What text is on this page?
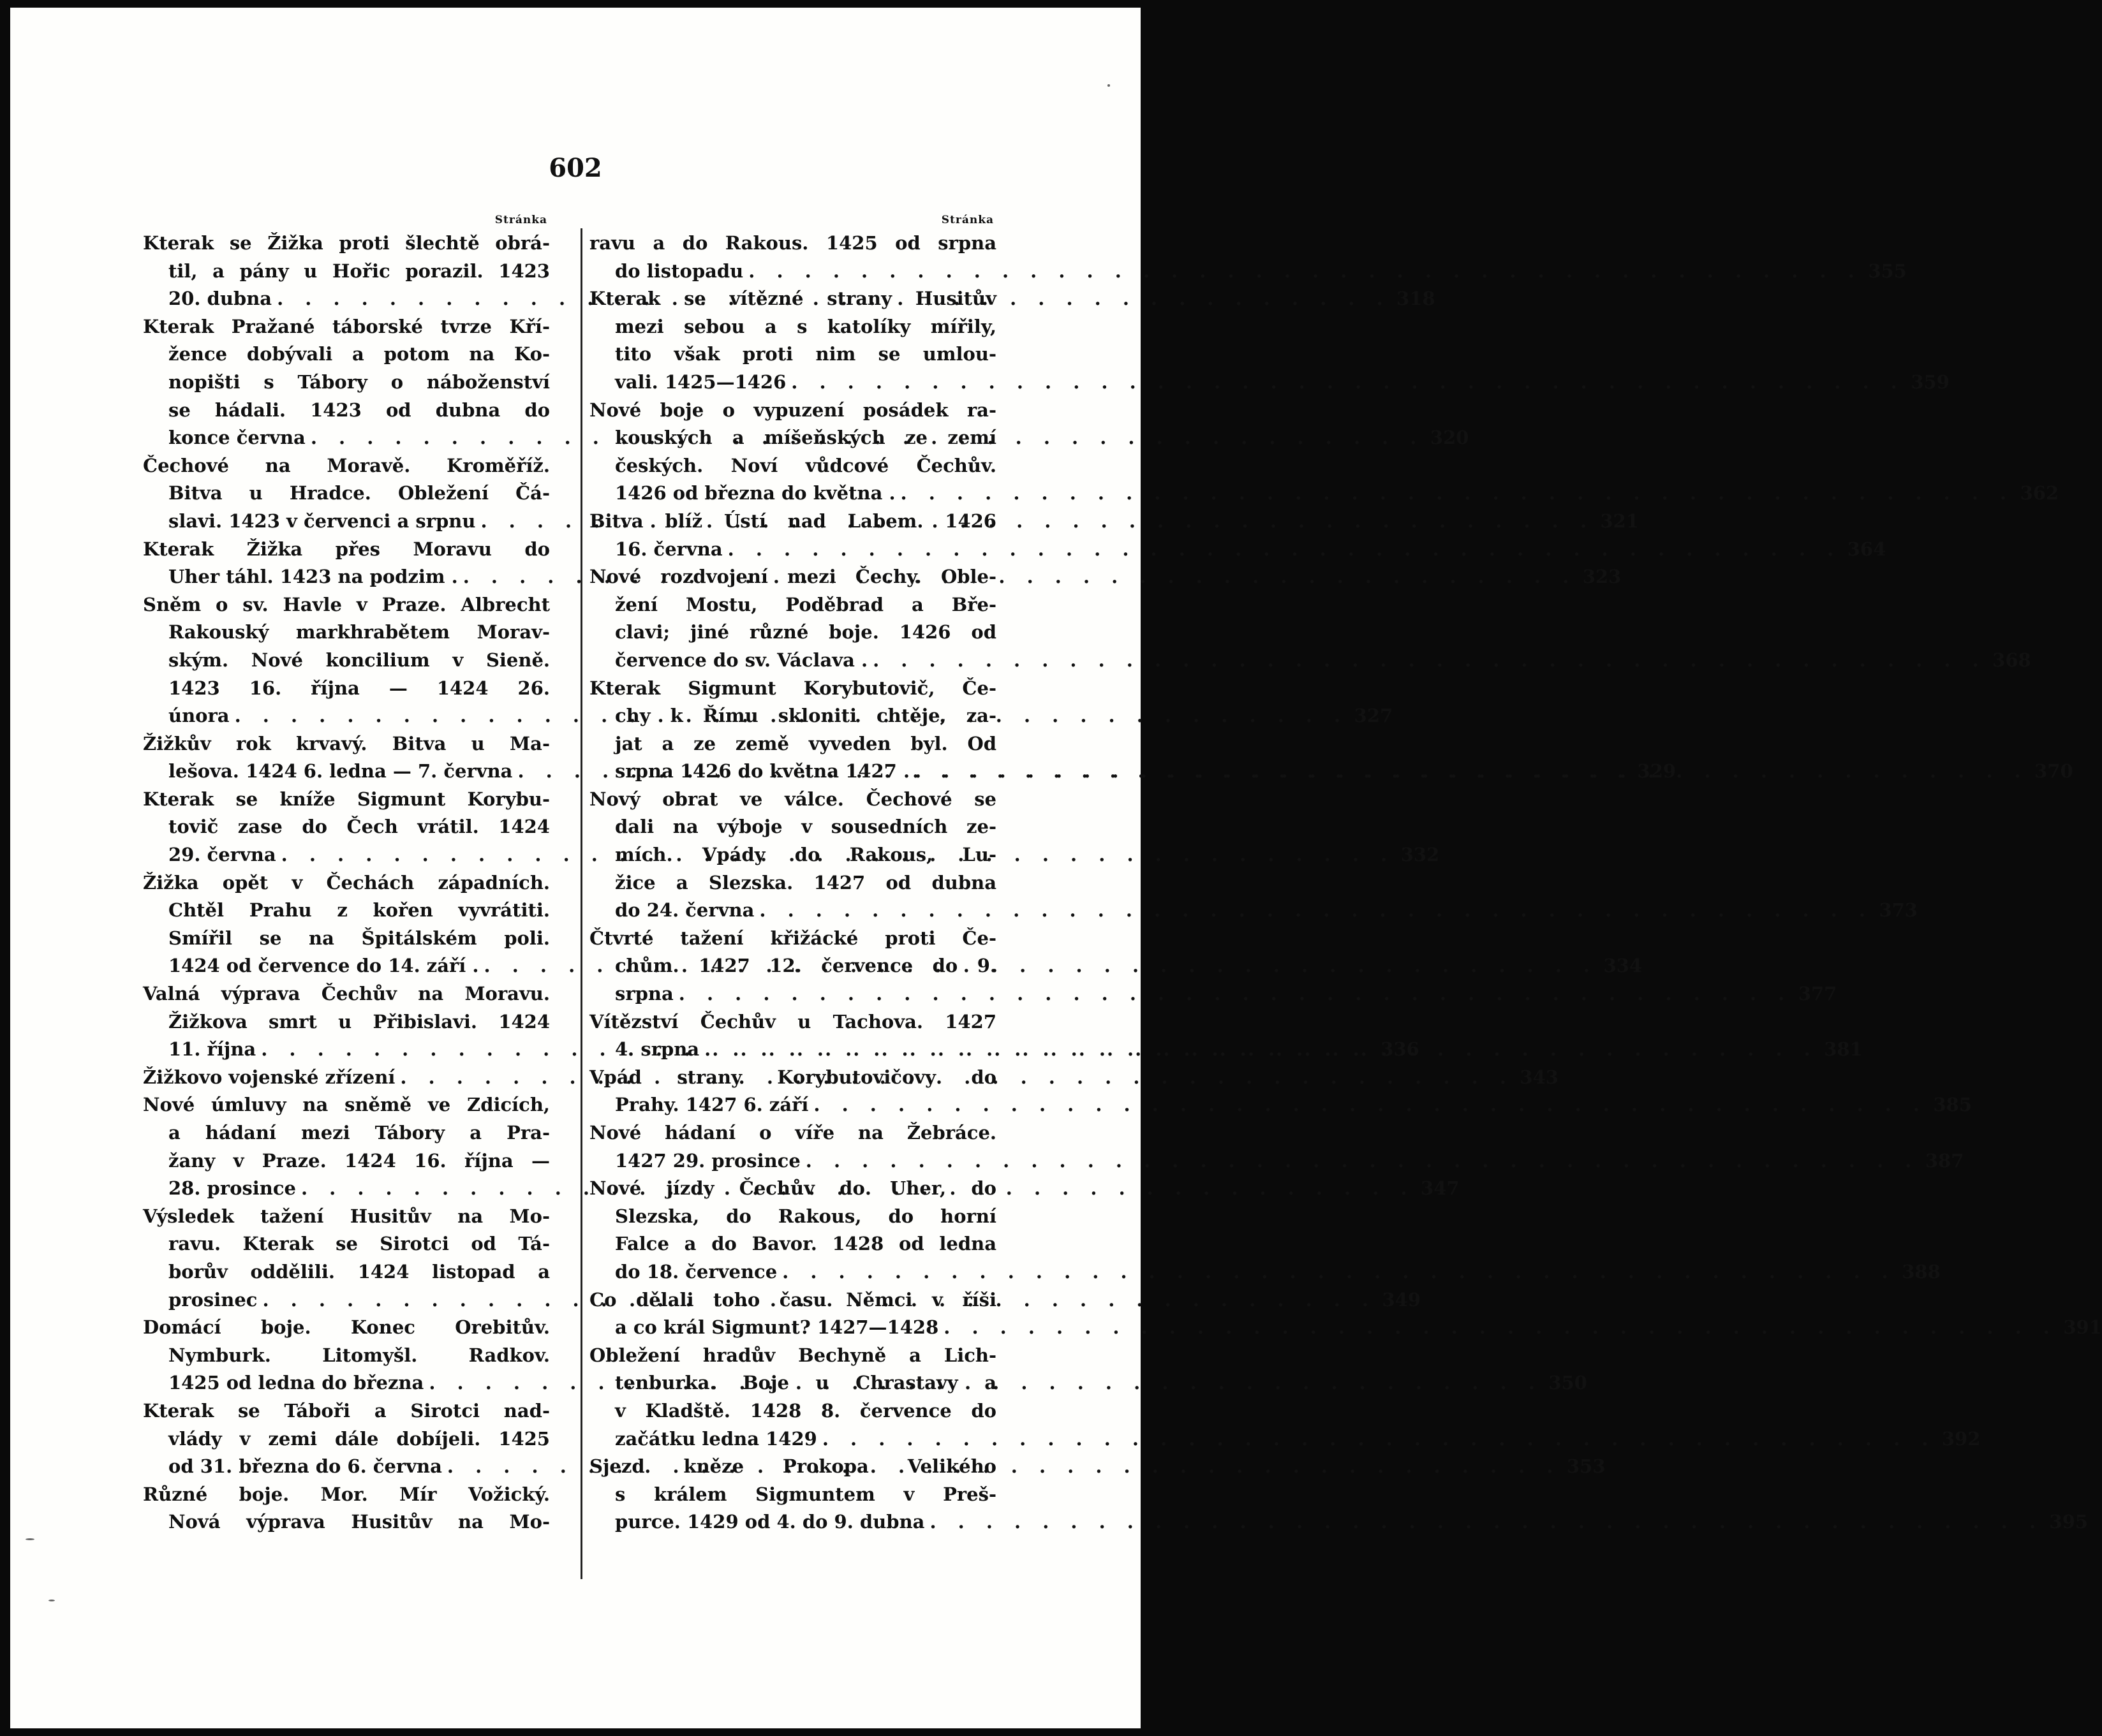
602
Stránka
Kterak se Žižka proti šlechtě obrá-
til, a pány u Hořic porazil. 1423
20. dubna . . .	318
Kterak Pražané táborské tvrze Kří-
žence dobývali a potom na Ko-
nopišti s Tábory o náboženství
se hádali. 1423 od dubna do
konce června . . .	320
Čechové na Moravě. Kroměříž.
Bitva u Hradce. Obležení Čá-
slavi. 1423 v červenci a srpnu . . .	321
Kterak Žižka přes Moravu do
Uher táhl. 1423 na podzim . . . .	323
Sněm o sv. Havle v Praze. Albrecht
Rakouský markhrabětem Morav-
ským. Nové koncilium v Sieně.
1423 16. října — 1424 26.
února . . .	327
Žižkův rok krvavý. Bitva u Ma-
lešova. 1424 6. ledna — 7. června . . .	329
Kterak se kníže Sigmunt Korybu-
tovič zase do Čech vrátil. 1424
29. června . . .	332
Žižka opět v Čechách západních.
Chtěl Prahu z kořen vyvrátiti.
Smířil se na Špitálském poli.
1424 od července do 14. září . . . .	334
Valná výprava Čechův na Moravu.
Žižkova smrt u Přibislavi. 1424
11. října . . .	336
Žižkovo vojenské zřízení . . .	343
Nové úmluvy na sněmě ve Zdicích,
a hádaní mezi Tábory a Pra-
žany v Praze. 1424 16. října —
28. prosince . . .	347
Výsledek tažení Husitův na Mo-
ravu. Kterak se Sirotci od Tá-
borův oddělili. 1424 listopad a
prosinec . . .	349
Domácí boje. Konec Orebitův.
Nymburk. Litomyšl. Radkov.
1425 od ledna do března . . .	350
Kterak se Táboři a Sirotci nad-
vlády v zemi dále dobíjeli. 1425
od 31. března do 6. června . . .	353
Různé boje. Mor. Mír Vožický.
Nová výprava Husitův na Mo-
Stránka
ravu a do Rakous. 1425 od srpna
do listopadu . . .	355
Kterak se vítězné strany Husitův
mezi sebou a s katolíky mířily,
tito však proti nim se umlou-
vali. 1425—1426 . . .	359
Nové boje o vypuzení posádek ra-
kouských a míšeňských ze zemí
českých. Noví vůdcové Čechův.
1426 od března do května . . . .	362
Bitva blíž Ústí nad Labem. 1426
16. června . . .	364
Nové rozdvojení mezi Čechy. Oble-
žení Mostu, Poděbrad a Bře-
clavi; jiné různé boje. 1426 od
července do sv. Václava . . . .	368
Kterak Sigmunt Korybutovič, Če-
chy k Římu skloniti chtěje, za-
jat a ze země vyveden byl. Od
srpna 1426 do května 1427 . . . .	370
Nový obrat ve válce. Čechové se
dali na výboje v sousedních ze-
mích. Vpády do Rakous, Lu-
žice a Slezska. 1427 od dubna
do 24. června . . .	373
Čtvrté tažení křižácké proti Če-
chům. 1427 12. července do 9.
srpna . . .	377
Vítězství Čechův u Tachova. 1427
4. srpna . . .	381
Vpád strany Korybutovičovy do
Prahy. 1427 6. září . . .	385
Nové hádaní o víře na Žebráce.
1427 29. prosince . . .	387
Nové jízdy Čechův do Uher, do
Slezska, do Rakous, do horní
Falce a do Bavor. 1428 od ledna
do 18. července . . .	388
Co dělali toho času Němci v říši
a co král Sigmunt? 1427—1428 . . .	391
Obležení hradův Bechyně a Lich-
tenburka. Boje u Chrastavy a
v Kladště. 1428 8. července do
začátku ledna 1429 . . .	392
Sjezd kněze Prokopa Velikého
s králem Sigmuntem v Preš-
purce. 1429 od 4. do 9. dubna . . .	395
